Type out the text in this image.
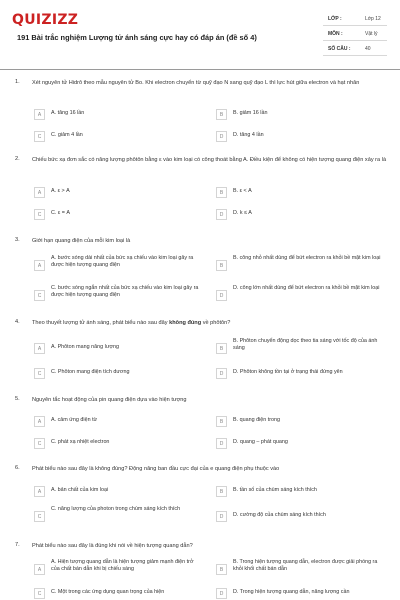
QUIZIZZ
191 Bài trắc nghiệm Lượng tử ánh sáng cực hay có đáp án (đề số 4)
LỚP :	Lớp 12
MÔN :	Vật lý
SỐ CÂU :	40
1. Xét nguyên tử Hidrô theo mẫu nguyên tử Bo. Khi electron chuyển từ quỹ đạo N sang quỹ đạo L thì lực hút giữa electron và hạt nhân
A	A. tăng 16 lần	B	B. giảm 16 lần
C	C. giảm 4 lần	D	D. tăng 4 lần
2. Chiếu bức xạ đơn sắc có năng lượng phôtôn bằng ε vào kim loại có công thoát bằng A. Điều kiện để không có hiện tượng quang điện xảy ra là
A	A. ε > A	B	B. ε < A
C	C. ε = A	D	D. k ≤ A
3. Giới hạn quang điện của mỗi kim loại là
A
A. bước sóng dài nhất của bức xạ chiếu vào kim loại gây ra được hiện tượng quang điện	B
B. công nhỏ nhất dùng để bứt electron ra khỏi bề mặt kim loại
C
C. bước sóng ngắn nhất của bức xạ chiếu vào kim loại gây ra được hiện tượng quang điện	D
D. công lớn nhất dùng để bứt electron ra khỏi bề mặt kim loại
4. Theo thuyết lượng tử ánh sáng, phát biểu nào sau đây không đúng về phôtôn?
A	A. Phôton mang năng lượng	B
B. Phôton chuyển động dọc theo tia sáng với tốc độ của ánh sáng
C	C. Phôton mang điện tích dương	D	D. Phôton không tồn tại ở trạng thái đứng yên
5. Nguyên tắc hoạt động của pin quang điện dựa vào hiện tượng
A	A. cảm ứng điện từ	B	B. quang điện trong
C	C. phát xạ nhiệt electron	D	D. quang – phát quang
6. Phát biểu nào sau đây là không đúng? Động năng ban đầu cực đại của e quang điện phụ thuộc vào
A	A. bản chất của kim loại	B	B. tần số của chùm sáng kích thích
C
C. năng lượng của photon trong chùm sáng kích thích
D	D. cường độ của chùm sáng kích thích
7. Phát biểu nào sau đây là đúng khi nói về hiện tượng quang dẫn?
A
A. Hiện tượng quang dẫn là hiện tượng giảm mạnh điện trở của chất bán dẫn khi bị chiếu sáng	B
B. Trong hiện tượng quang dẫn, electron được giải phóng ra khỏi khối chất bán dẫn
C	C. Một trong các ứng dụng quan trọng của hiện	D	D. Trong hiện tượng quang dẫn, năng lượng cần
